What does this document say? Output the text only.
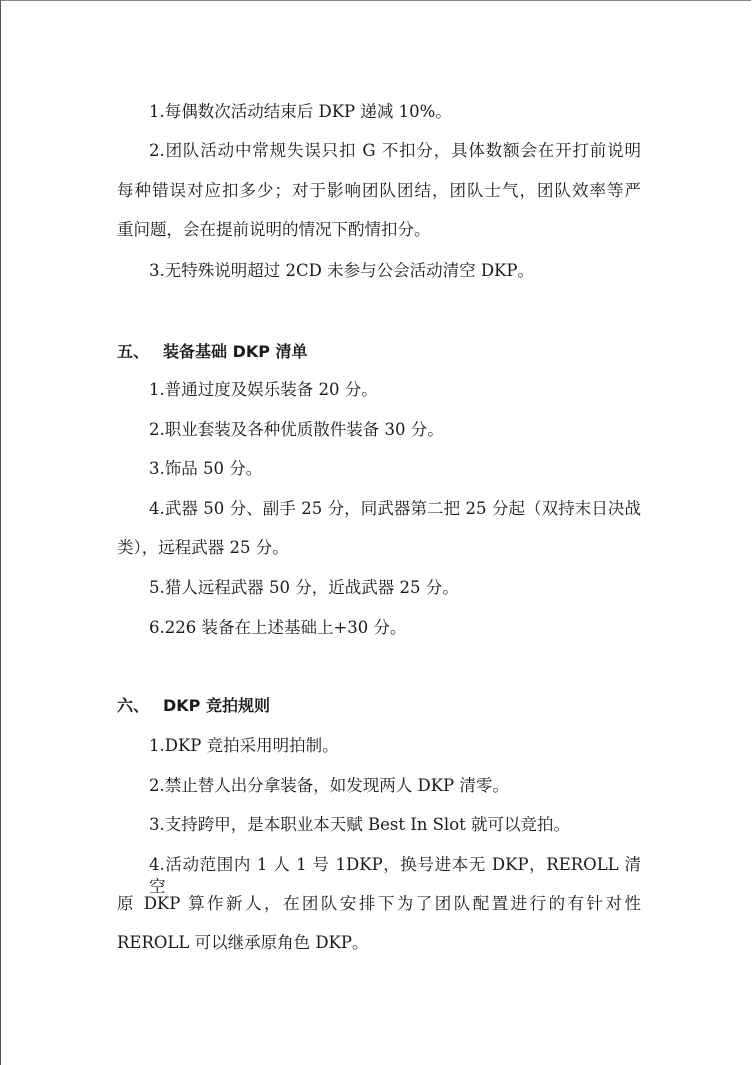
1.每偶数次活动结束后 DKP 递减 10%。
2.团队活动中常规失误只扣 G 不扣分，具体数额会在开打前说明
每种错误对应扣多少；对于影响团队团结，团队士气，团队效率等严
重问题，会在提前说明的情况下酌情扣分。
3.无特殊说明超过 2CD 未参与公会活动清空 DKP。
五、 装备基础 DKP 清单
1.普通过度及娱乐装备 20 分。
2.职业套装及各种优质散件装备 30 分。
3.饰品 50 分。
4.武器 50 分、副手 25 分，同武器第二把 25 分起（双持末日决战
类），远程武器 25 分。
5.猎人远程武器 50 分，近战武器 25 分。
6.226 装备在上述基础上+30 分。
六、 DKP 竞拍规则
1.DKP 竞拍采用明拍制。
2.禁止替人出分拿装备，如发现两人 DKP 清零。
3.支持跨甲，是本职业本天赋 Best In Slot 就可以竞拍。
4.活动范围内 1 人 1 号 1DKP，换号进本无 DKP，REROLL 清空
原 DKP 算作新人，在团队安排下为了团队配置进行的有针对性
REROLL 可以继承原角色 DKP。
